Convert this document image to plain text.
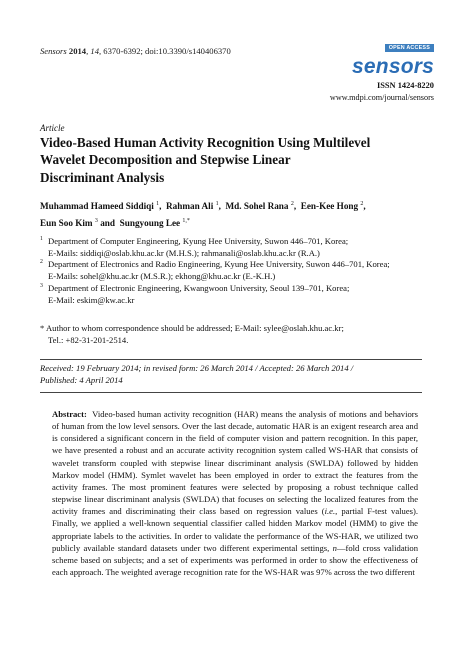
Sensors 2014, 14, 6370-6392; doi:10.3390/s140406370	OPEN ACCESS
sensors
ISSN 1424-8220
www.mdpi.com/journal/sensors
Article
Video-Based Human Activity Recognition Using Multilevel
Wavelet Decomposition and Stepwise Linear
Discriminant Analysis
Muhammad Hameed Siddiqi $^1$,  Rahman Ali $^1$,  Md. Sohel Rana $^2$,  Een-Kee Hong $^2$,
Eun Soo Kim $^3$ and  Sungyoung Lee $^{1,*}$
1 Department of Computer Engineering, Kyung Hee University, Suwon 446–701, Korea;
E-Mails: siddiqi@oslab.khu.ac.kr (M.H.S.); rahmanali@oslab.khu.ac.kr (R.A.)
2 Department of Electronics and Radio Engineering, Kyung Hee University, Suwon 446–701, Korea;
E-Mails: sohel@khu.ac.kr (M.S.R.); ekhong@khu.ac.kr (E.-K.H.)
3 Department of Electronic Engineering, Kwangwoon University, Seoul 139–701, Korea;
E-Mail: eskim@kw.ac.kr
* Author to whom correspondence should be addressed; E-Mail: sylee@oslah.khu.ac.kr;
Tel.: +82-31-201-2514.
Received: 19 February 2014; in revised form: 26 March 2014 / Accepted: 26 March 2014 /
Published: 4 April 2014

Abstract: Video-based human activity recognition (HAR) means the analysis of motions and behaviors of human from the low level sensors. Over the last decade, automatic HAR is an exigent research area and is considered a significant concern in the field of computer vision and pattern recognition. In this paper, we have presented a robust and an accurate activity recognition system called WS-HAR that consists of wavelet transform coupled with stepwise linear discriminant analysis (SWLDA) followed by hidden Markov model (HMM). Symlet wavelet has been employed in order to extract the features from the activity frames. The most prominent features were selected by proposing a robust technique called stepwise linear discriminant analysis (SWLDA) that focuses on selecting the localized features from the activity frames and discriminating their class based on regression values (i.e., partial F-test values). Finally, we applied a well-known sequential classifier called hidden Markov model (HMM) to give the appropriate labels to the activities. In order to validate the performance of the WS-HAR, we utilized two publicly available standard datasets under two different experimental settings, n—fold cross validation scheme based on subjects; and a set of experiments was performed in order to show the effectiveness of each approach. The weighted average recognition rate for the WS-HAR was 97% across the two different
